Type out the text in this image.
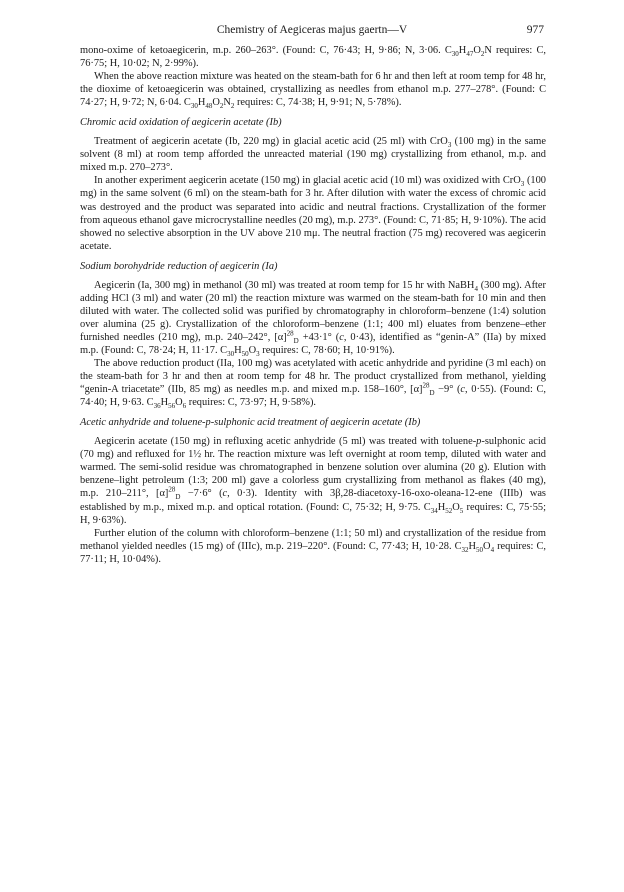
Chemistry of Aegiceras majus gaertn—V	977

mono-oxime of ketoaegicerin, m.p. 260–263°. (Found: C, 76·43; H, 9·86; N, 3·06. $C_{30}H_{47}O_2N$ requires: C, 76·75; H, 10·02; N, 2·99%).

When the above reaction mixture was heated on the steam-bath for 6 hr and then left at room temp for 48 hr, the dioxime of ketoaegicerin was obtained, crystallizing as needles from ethanol m.p. 277–278°. (Found: C 74·27; H, 9·72; N, 6·04. $C_{30}H_{48}O_2N_2$ requires: C, 74·38; H, 9·91; N, 5·78%).

Chromic acid oxidation of aegicerin acetate (Ib)

Treatment of aegicerin acetate (Ib, 220 mg) in glacial acetic acid (25 ml) with CrO$_3$ (100 mg) in the same solvent (8 ml) at room temp afforded the unreacted material (190 mg) crystallizing from ethanol, m.p. and mixed m.p. 270–273°.

In another experiment aegicerin acetate (150 mg) in glacial acetic acid (10 ml) was oxidized with CrO$_3$ (100 mg) in the same solvent (6 ml) on the steam-bath for 3 hr. After dilution with water the excess of chromic acid was destroyed and the product was separated into acidic and neutral fractions. Crystallization of the former from aqueous ethanol gave microcrystalline needles (20 mg), m.p. 273°. (Found: C, 71·85; H, 9·10%). The acid showed no selective absorption in the UV above 210 mμ. The neutral fraction (75 mg) recovered was aegicerin acetate.

Sodium borohydride reduction of aegicerin (Ia)

Aegicerin (Ia, 300 mg) in methanol (30 ml) was treated at room temp for 15 hr with NaBH$_4$ (300 mg). After adding HCl (3 ml) and water (20 ml) the reaction mixture was warmed on the steam-bath for 10 min and then diluted with water. The collected solid was purified by chromatography in chloroform–benzene (1:4) solution over alumina (25 g). Crystallization of the chloroform–benzene (1:1; 400 ml) eluates from benzene–ether furnished needles (210 mg), m.p. 240–242°, $[\alpha]^{28}_D +43\cdot 1^\circ$ (c, 0·43), identified as “genin-A” (IIa) by mixed m.p. (Found: C, 78·24; H, 11·17. $C_{30}H_{50}O_3$ requires: C, 78·60; H, 10·91%).

The above reduction product (IIa, 100 mg) was acetylated with acetic anhydride and pyridine (3 ml each) on the steam-bath for 3 hr and then at room temp for 48 hr. The product crystallized from methanol, yielding “genin-A triacetate” (IIb, 85 mg) as needles m.p. and mixed m.p. 158–160°, $[\alpha]^{28}_D -9^\circ$ (c, 0·55). (Found: C, 74·40; H, 9·63. $C_{36}H_{56}O_6$ requires: C, 73·97; H, 9·58%).

Acetic anhydride and toluene-p-sulphonic acid treatment of aegicerin acetate (Ib)

Aegicerin acetate (150 mg) in refluxing acetic anhydride (5 ml) was treated with toluene-p-sulphonic acid (70 mg) and refluxed for 1½ hr. The reaction mixture was left overnight at room temp, diluted with water and warmed. The semi-solid residue was chromatographed in benzene solution over alumina (20 g). Elution with benzene–light petroleum (1:3; 200 ml) gave a colorless gum crystallizing from methanol as flakes (40 mg), m.p. 210–211°, $[\alpha]^{28}_D -7\cdot 6^\circ$ (c, 0·3). Identity with 3β,28-diacetoxy-16-oxo-oleana-12-ene (IIIb) was established by m.p., mixed m.p. and optical rotation. (Found: C, 75·32; H, 9·75. $C_{34}H_{52}O_5$ requires: C, 75·55; H, 9·63%).

Further elution of the column with chloroform–benzene (1:1; 50 ml) and crystallization of the residue from methanol yielded needles (15 mg) of (IIIc), m.p. 219–220°. (Found: C, 77·43; H, 10·28. $C_{32}H_{50}O_4$ requires: C, 77·11; H, 10·04%).
